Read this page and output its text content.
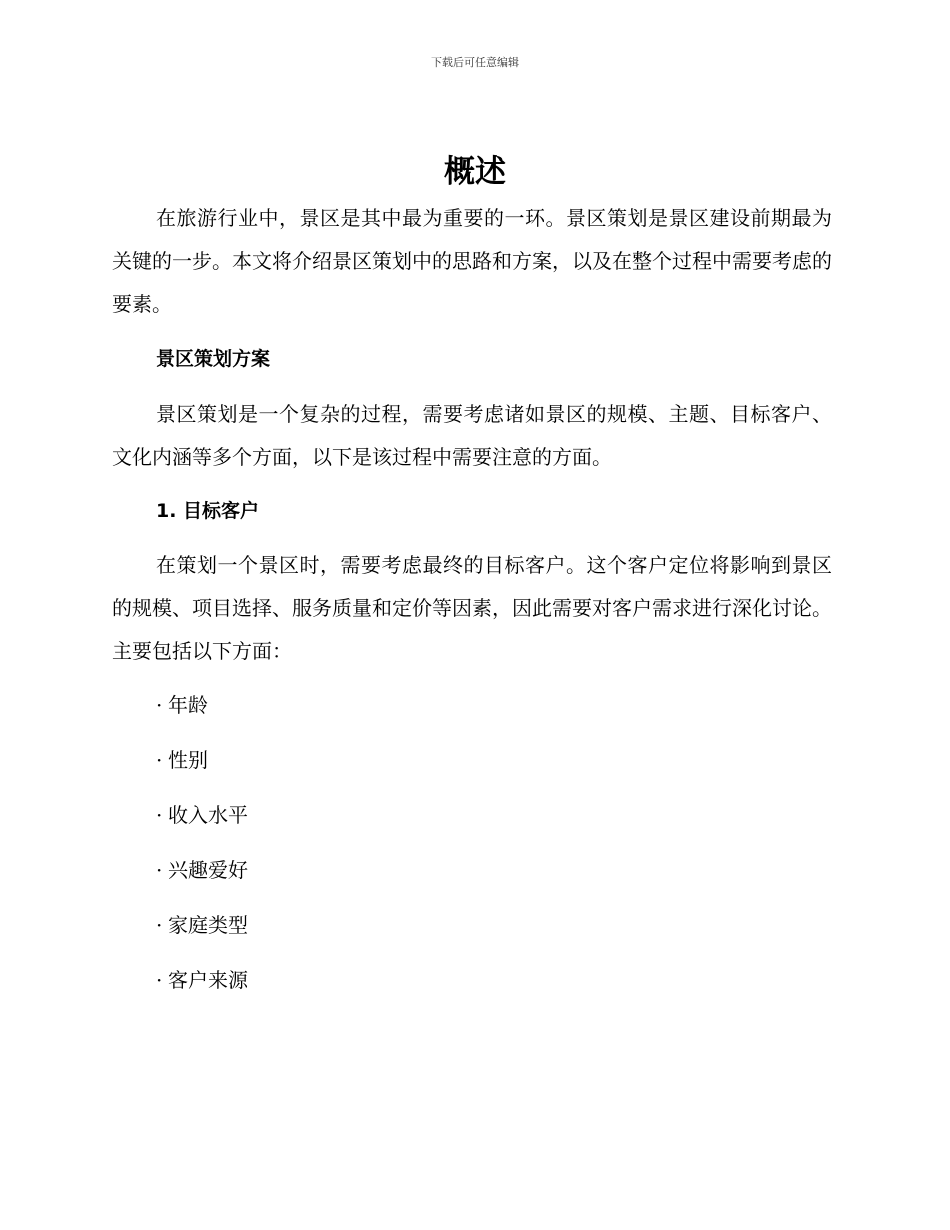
下载后可任意编辑
概述

在旅游行业中，景区是其中最为重要的一环。景区策划是景区建设前期最为关键的一步。本文将介绍景区策划中的思路和方案，以及在整个过程中需要考虑的要素。

景区策划方案

景区策划是一个复杂的过程，需要考虑诸如景区的规模、主题、目标客户、文化内涵等多个方面，以下是该过程中需要注意的方面。

1. 目标客户

在策划一个景区时，需要考虑最终的目标客户。这个客户定位将影响到景区的规模、项目选择、服务质量和定价等因素，因此需要对客户需求进行深化讨论。主要包括以下方面：

· 年龄
· 性别
· 收入水平
· 兴趣爱好
· 家庭类型
· 客户来源
